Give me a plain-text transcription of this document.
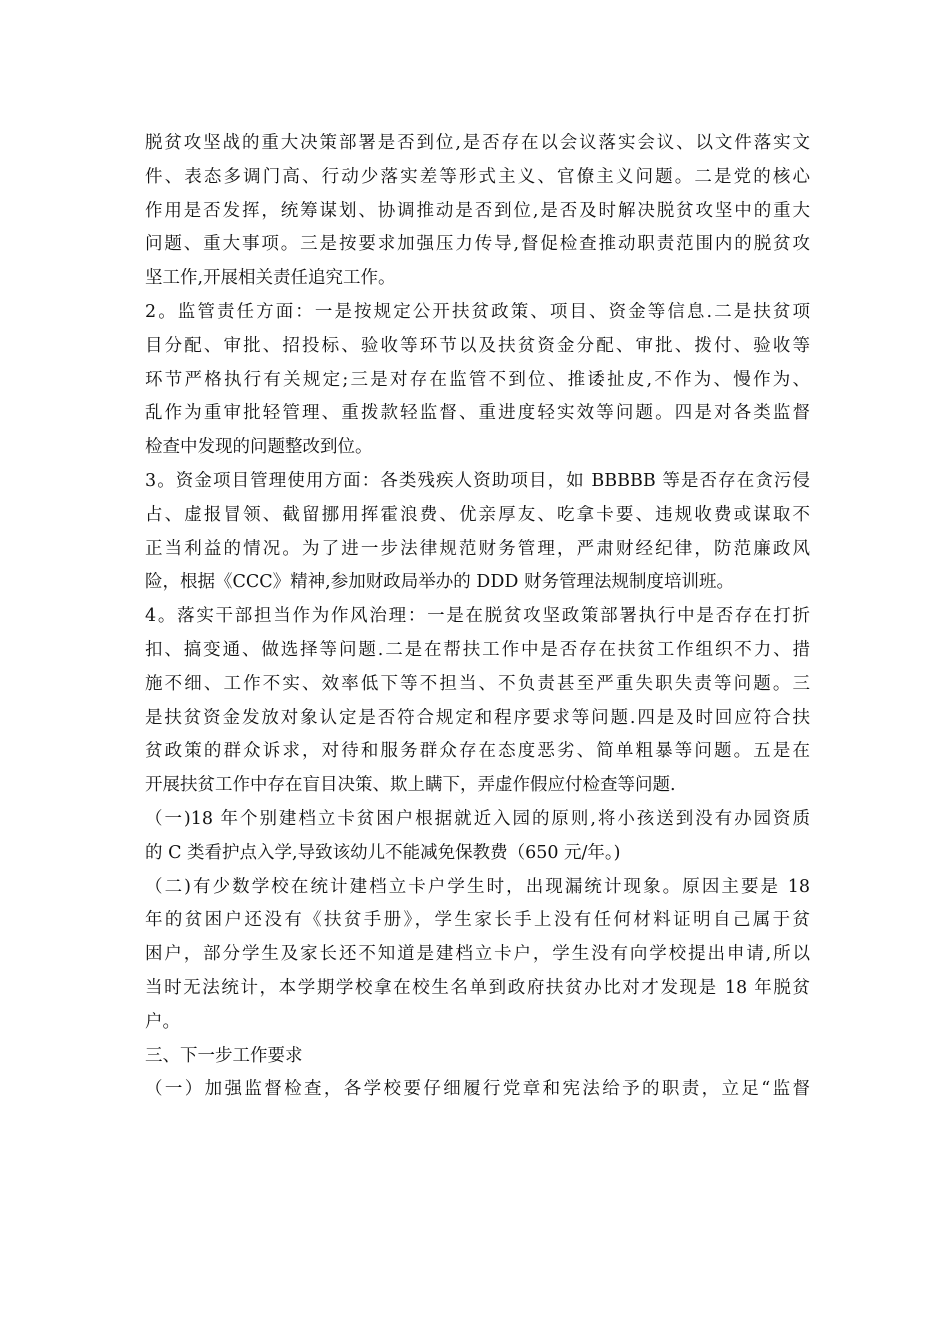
脱贫攻坚战的重大决策部署是否到位,是否存在以会议落实会议、以文件落实文
件、表态多调门高、行动少落实差等形式主义、官僚主义问题。二是党的核心
作用是否发挥，统筹谋划、协调推动是否到位,是否及时解决脱贫攻坚中的重大
问题、重大事项。三是按要求加强压力传导,督促检查推动职责范围内的脱贫攻
坚工作,开展相关责任追究工作。
2。监管责任方面：一是按规定公开扶贫政策、项目、资金等信息.二是扶贫项
目分配、审批、招投标、验收等环节以及扶贫资金分配、审批、拨付、验收等
环节严格执行有关规定;三是对存在监管不到位、推诿扯皮,不作为、慢作为、
乱作为重审批轻管理、重拨款轻监督、重进度轻实效等问题。四是对各类监督
检查中发现的问题整改到位。
3。资金项目管理使用方面：各类残疾人资助项目，如 BBBBB 等是否存在贪污侵
占、虚报冒领、截留挪用挥霍浪费、优亲厚友、吃拿卡要、违规收费或谋取不
正当利益的情况。为了进一步法律规范财务管理，严肃财经纪律，防范廉政风
险，根据《CCC》精神,参加财政局举办的 DDD 财务管理法规制度培训班。
4。落实干部担当作为作风治理：一是在脱贫攻坚政策部署执行中是否存在打折
扣、搞变通、做选择等问题.二是在帮扶工作中是否存在扶贫工作组织不力、措
施不细、工作不实、效率低下等不担当、不负责甚至严重失职失责等问题。三
是扶贫资金发放对象认定是否符合规定和程序要求等问题.四是及时回应符合扶
贫政策的群众诉求，对待和服务群众存在态度恶劣、简单粗暴等问题。五是在
开展扶贫工作中存在盲目决策、欺上瞒下，弄虚作假应付检查等问题.
（一)18 年个别建档立卡贫困户根据就近入园的原则,将小孩送到没有办园资质
的 C 类看护点入学,导致该幼儿不能减免保教费（650 元/年。)
（二)有少数学校在统计建档立卡户学生时，出现漏统计现象。原因主要是 18
年的贫困户还没有《扶贫手册》，学生家长手上没有任何材料证明自己属于贫
困户，部分学生及家长还不知道是建档立卡户，学生没有向学校提出申请,所以
当时无法统计，本学期学校拿在校生名单到政府扶贫办比对才发现是 18 年脱贫
户。
三、下一步工作要求
（一）加强监督检查，各学校要仔细履行党章和宪法给予的职责，立足“监督
